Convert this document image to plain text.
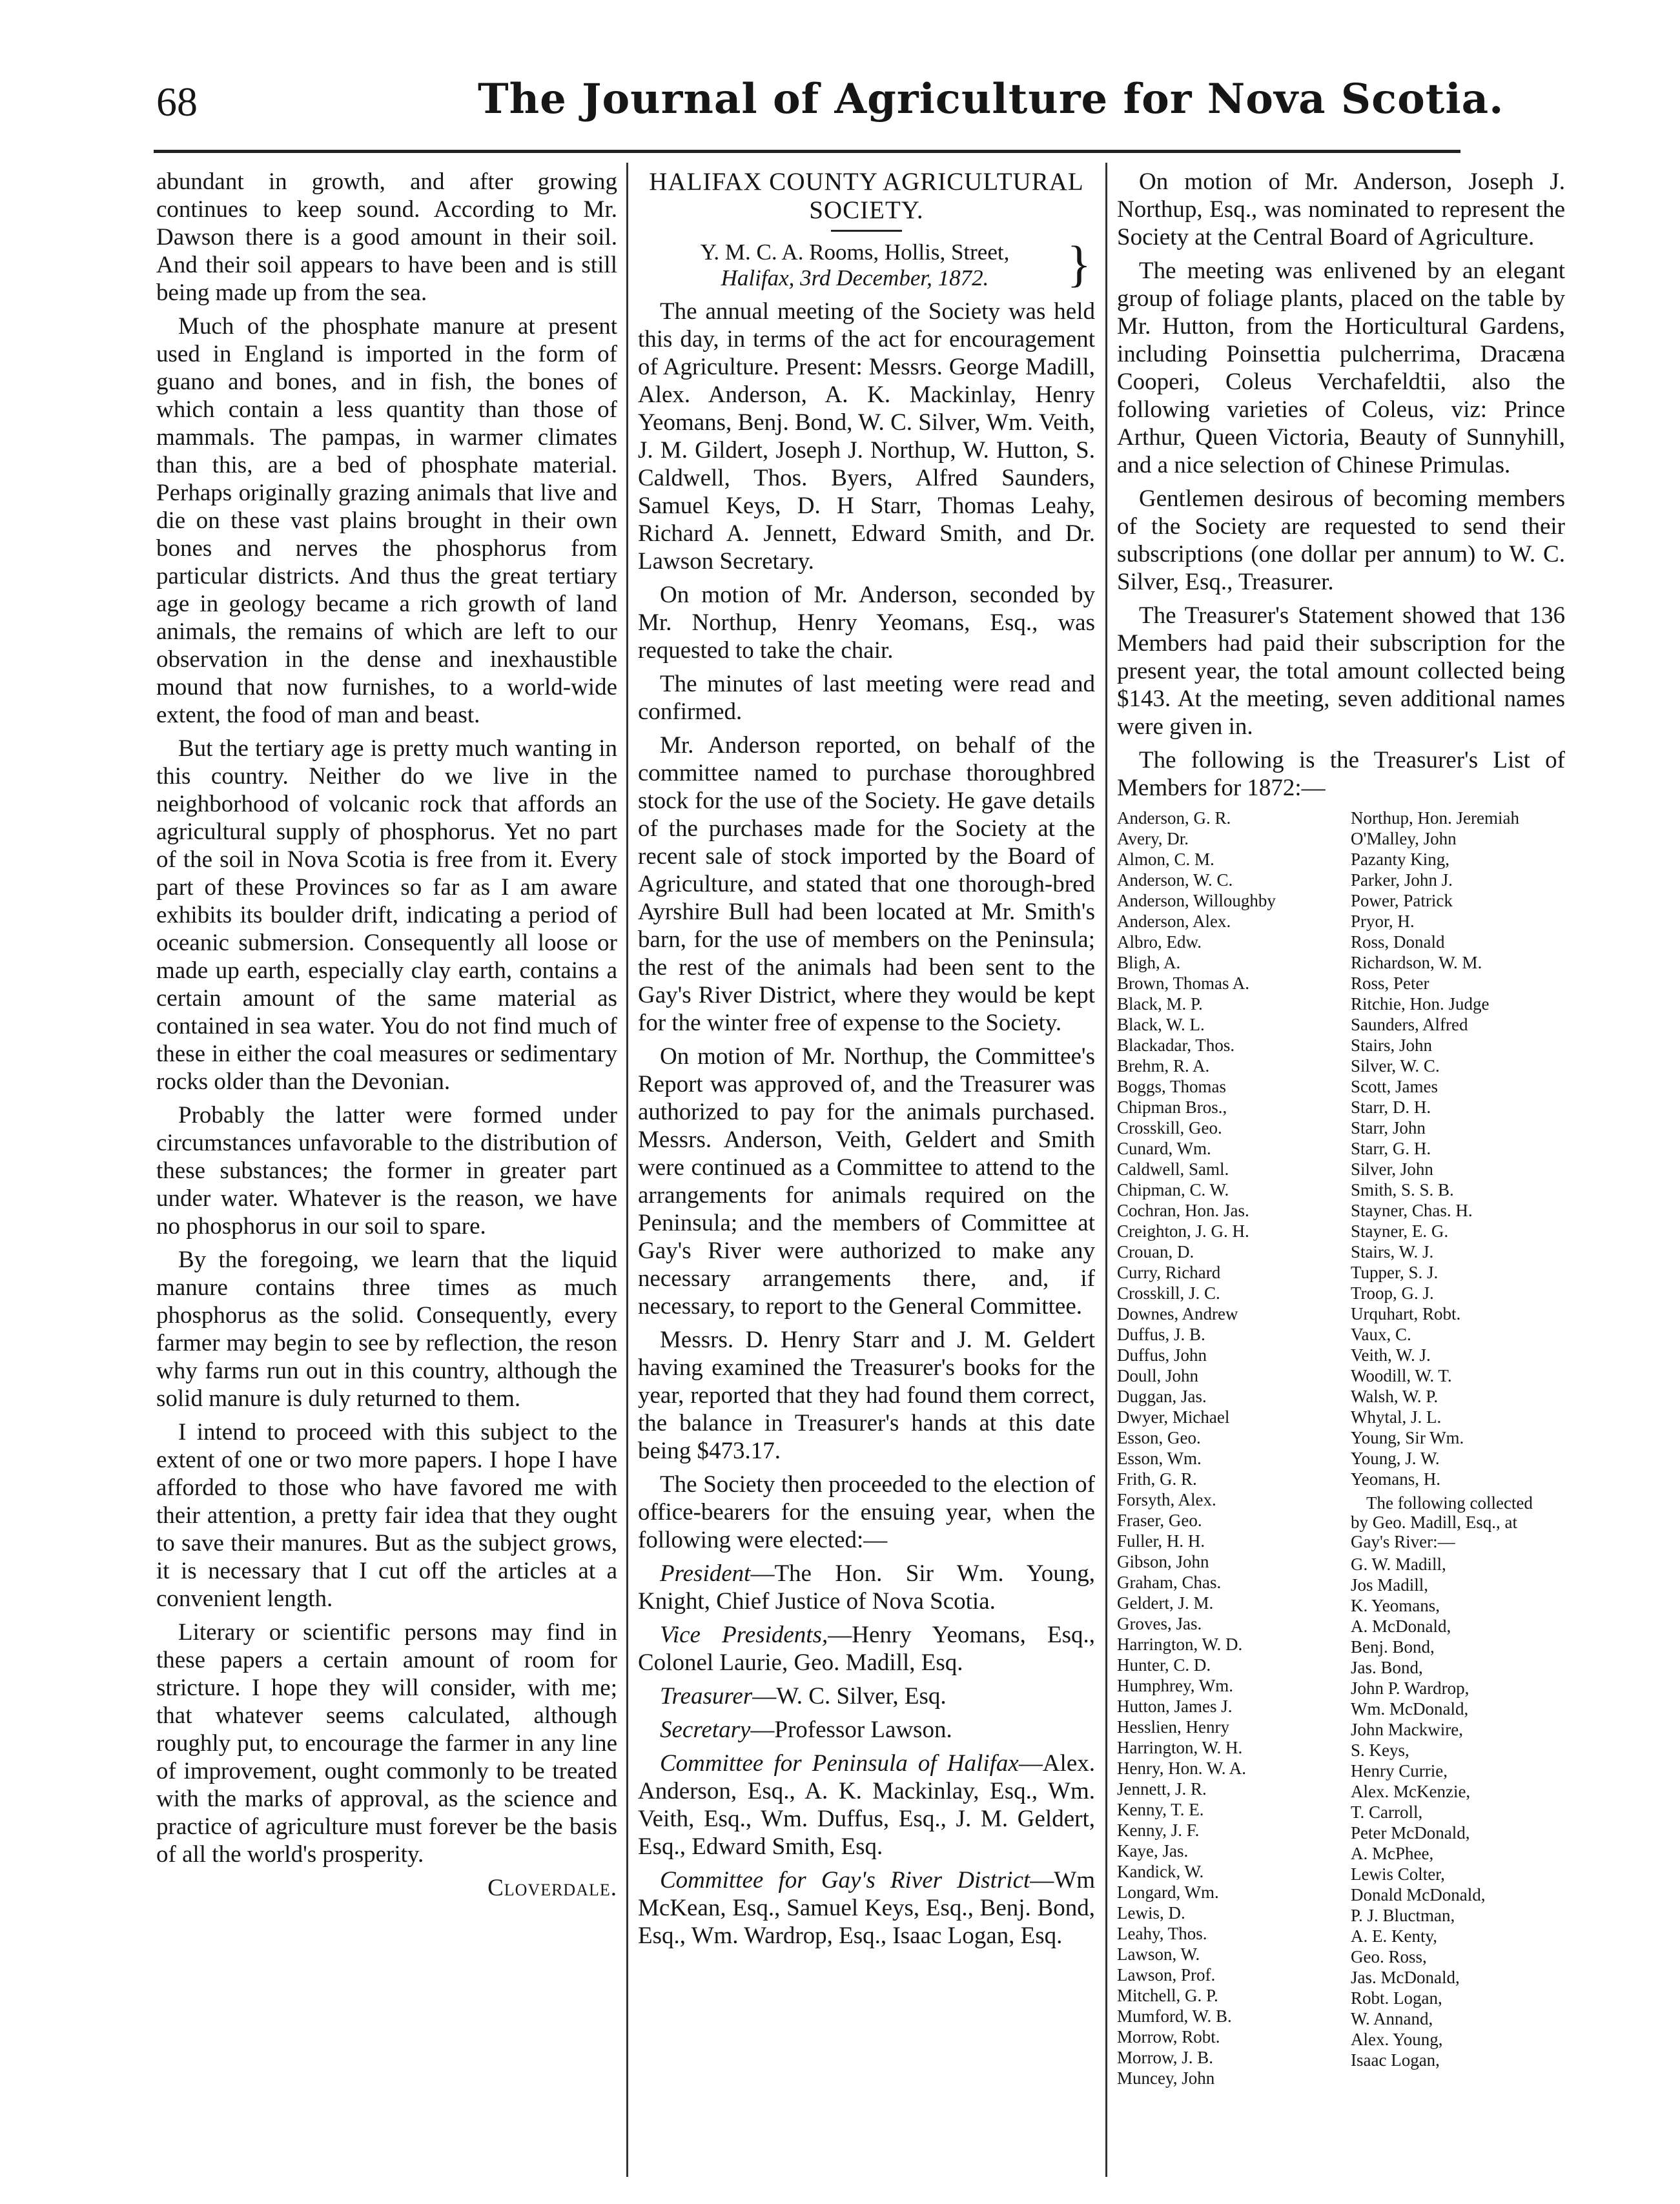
68	The Journal of Agriculture for Nova Scotia.

abundant in growth, and after growing continues to keep sound. According to Mr. Dawson there is a good amount in their soil. And their soil appears to have been and is still being made up from the sea.

Much of the phosphate manure at present used in England is imported in the form of guano and bones, and in fish, the bones of which contain a less quantity than those of mammals. The pampas, in warmer climates than this, are a bed of phosphate material. Perhaps originally grazing animals that live and die on these vast plains brought in their own bones and nerves the phosphorus from particular districts. And thus the great tertiary age in geology became a rich growth of land animals, the remains of which are left to our observation in the dense and inexhaustible mound that now furnishes, to a world-wide extent, the food of man and beast.

But the tertiary age is pretty much wanting in this country. Neither do we live in the neighborhood of volcanic rock that affords an agricultural supply of phosphorus. Yet no part of the soil in Nova Scotia is free from it. Every part of these Provinces so far as I am aware exhibits its boulder drift, indicating a period of oceanic submersion. Consequently all loose or made up earth, especially clay earth, contains a certain amount of the same material as contained in sea water. You do not find much of these in either the coal measures or sedimentary rocks older than the Devonian.

Probably the latter were formed under circumstances unfavorable to the distribution of these substances; the former in greater part under water. Whatever is the reason, we have no phosphorus in our soil to spare.

By the foregoing, we learn that the liquid manure contains three times as much phosphorus as the solid. Consequently, every farmer may begin to see by reflection, the reson why farms run out in this country, although the solid manure is duly returned to them.

I intend to proceed with this subject to the extent of one or two more papers. I hope I have afforded to those who have favored me with their attention, a pretty fair idea that they ought to save their manures. But as the subject grows, it is necessary that I cut off the articles at a convenient length.

Literary or scientific persons may find in these papers a certain amount of room for stricture. I hope they will consider, with me; that whatever seems calculated, although roughly put, to encourage the farmer in any line of improvement, ought commonly to be treated with the marks of approval, as the science and practice of agriculture must forever be the basis of all the world's prosperity.

Cloverdale.

HALIFAX COUNTY AGRICULTURAL
SOCIETY.
Y. M. C. A. Rooms, Hollis, Street,
Halifax, 3rd December, 1872.	}

The annual meeting of the Society was held this day, in terms of the act for encouragement of Agriculture. Present: Messrs. George Madill, Alex. Anderson, A. K. Mackinlay, Henry Yeomans, Benj. Bond, W. C. Silver, Wm. Veith, J. M. Gildert, Joseph J. Northup, W. Hutton, S. Caldwell, Thos. Byers, Alfred Saunders, Samuel Keys, D. H Starr, Thomas Leahy, Richard A. Jennett, Edward Smith, and Dr. Lawson Secretary.

On motion of Mr. Anderson, seconded by Mr. Northup, Henry Yeomans, Esq., was requested to take the chair.

The minutes of last meeting were read and confirmed.

Mr. Anderson reported, on behalf of the committee named to purchase thoroughbred stock for the use of the Society. He gave details of the purchases made for the Society at the recent sale of stock imported by the Board of Agriculture, and stated that one thorough-bred Ayrshire Bull had been located at Mr. Smith's barn, for the use of members on the Peninsula; the rest of the animals had been sent to the Gay's River District, where they would be kept for the winter free of expense to the Society.

On motion of Mr. Northup, the Committee's Report was approved of, and the Treasurer was authorized to pay for the animals purchased. Messrs. Anderson, Veith, Geldert and Smith were continued as a Committee to attend to the arrangements for animals required on the Peninsula; and the members of Committee at Gay's River were authorized to make any necessary arrangements there, and, if necessary, to report to the General Committee.

Messrs. D. Henry Starr and J. M. Geldert having examined the Treasurer's books for the year, reported that they had found them correct, the balance in Treasurer's hands at this date being $473.17.

The Society then proceeded to the election of office-bearers for the ensuing year, when the following were elected:—

President—The Hon. Sir Wm. Young, Knight, Chief Justice of Nova Scotia.

Vice Presidents,—Henry Yeomans, Esq., Colonel Laurie, Geo. Madill, Esq.

Treasurer—W. C. Silver, Esq.

Secretary—Professor Lawson.

Committee for Peninsula of Halifax—Alex. Anderson, Esq., A. K. Mackinlay, Esq., Wm. Veith, Esq., Wm. Duffus, Esq., J. M. Geldert, Esq., Edward Smith, Esq.

Committee for Gay's River District—Wm McKean, Esq., Samuel Keys, Esq., Benj. Bond, Esq., Wm. Wardrop, Esq., Isaac Logan, Esq.

On motion of Mr. Anderson, Joseph J. Northup, Esq., was nominated to represent the Society at the Central Board of Agriculture.

The meeting was enlivened by an elegant group of foliage plants, placed on the table by Mr. Hutton, from the Horticultural Gardens, including Poinsettia pulcherrima, Dracæna Cooperi, Coleus Verchafeldtii, also the following varieties of Coleus, viz: Prince Arthur, Queen Victoria, Beauty of Sunnyhill, and a nice selection of Chinese Primulas.

Gentlemen desirous of becoming members of the Society are requested to send their subscriptions (one dollar per annum) to W. C. Silver, Esq., Treasurer.

The Treasurer's Statement showed that 136 Members had paid their subscription for the present year, the total amount collected being $143. At the meeting, seven additional names were given in.

The following is the Treasurer's List of Members for 1872:—

Anderson, G. R.
Avery, Dr.
Almon, C. M.
Anderson, W. C.
Anderson, Willoughby
Anderson, Alex.
Albro, Edw.
Bligh, A.
Brown, Thomas A.
Black, M. P.
Black, W. L.
Blackadar, Thos.
Brehm, R. A.
Boggs, Thomas
Chipman Bros.,
Crosskill, Geo.
Cunard, Wm.
Caldwell, Saml.
Chipman, C. W.
Cochran, Hon. Jas.
Creighton, J. G. H.
Crouan, D.
Curry, Richard
Crosskill, J. C.
Downes, Andrew
Duffus, J. B.
Duffus, John
Doull, John
Duggan, Jas.
Dwyer, Michael
Esson, Geo.
Esson, Wm.
Frith, G. R.
Forsyth, Alex.
Fraser, Geo.
Fuller, H. H.
Gibson, John
Graham, Chas.
Geldert, J. M.
Groves, Jas.
Harrington, W. D.
Hunter, C. D.
Humphrey, Wm.
Hutton, James J.
Hesslien, Henry
Harrington, W. H.
Henry, Hon. W. A.
Jennett, J. R.
Kenny, T. E.
Kenny, J. F.
Kaye, Jas.
Kandick, W.
Longard, Wm.
Lewis, D.
Leahy, Thos.
Lawson, W.
Lawson, Prof.
Mitchell, G. P.
Mumford, W. B.
Morrow, Robt.
Morrow, J. B.
Muncey, John
Northup, Hon. Jeremiah
O'Malley, John
Pazanty King,
Parker, John J.
Power, Patrick
Pryor, H.
Ross, Donald
Richardson, W. M.
Ross, Peter
Ritchie, Hon. Judge
Saunders, Alfred
Stairs, John
Silver, W. C.
Scott, James
Starr, D. H.
Starr, John
Starr, G. H.
Silver, John
Smith, S. S. B.
Stayner, Chas. H.
Stayner, E. G.
Stairs, W. J.
Tupper, S. J.
Troop, G. J.
Urquhart, Robt.
Vaux, C.
Veith, W. J.
Woodill, W. T.
Walsh, W. P.
Whytal, J. L.
Young, Sir Wm.
Young, J. W.
Yeomans, H.
The following collected
by Geo. Madill, Esq., at
Gay's River:—
G. W. Madill,
Jos Madill,
K. Yeomans,
A. McDonald,
Benj. Bond,
Jas. Bond,
John P. Wardrop,
Wm. McDonald,
John Mackwire,
S. Keys,
Henry Currie,
Alex. McKenzie,
T. Carroll,
Peter McDonald,
A. McPhee,
Lewis Colter,
Donald McDonald,
P. J. Bluctman,
A. E. Kenty,
Geo. Ross,
Jas. McDonald,
Robt. Logan,
W. Annand,
Alex. Young,
Isaac Logan,
